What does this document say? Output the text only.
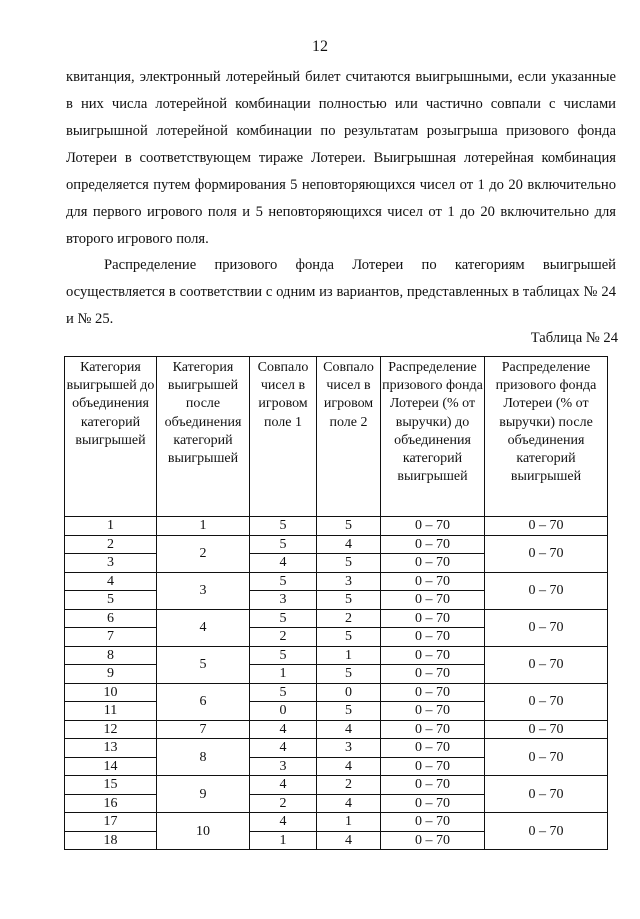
12

квитанция, электронный лотерейный билет считаются выигрышными, если указанные в них числа лотерейной комбинации полностью или частично совпали с числами выигрышной лотерейной комбинации по результатам розыгрыша призового фонда Лотереи в соответствующем тираже Лотереи. Выигрышная лотерейная комбинация определяется путем формирования 5 неповторяющихся чисел от 1 до 20 включительно для первого игрового поля и 5 неповторяющихся чисел от 1 до 20 включительно для второго игрового поля.

Распределение призового фонда Лотереи по категориям выигрышей осуществляется в соответствии с одним из вариантов, представленных в таблицах № 24 и № 25.

Таблица № 24
Категория выигрышей до объединения категорий выигрышей	Категория выигрышей после объединения категорий выигрышей	Совпало чисел в игровом поле 1	Совпало чисел в игровом поле 2	Распределение призового фонда Лотереи (% от выручки) до объединения категорий выигрышей	Распределение призового фонда Лотереи (% от выручки) после объединения категорий выигрышей
1	1	5	5	0 – 70	0 – 70
2	2	5	4	0 – 70	0 – 70
3		4	5	0 – 70	
4	3	5	3	0 – 70	0 – 70
5		3	5	0 – 70	
6	4	5	2	0 – 70	0 – 70
7		2	5	0 – 70	
8	5	5	1	0 – 70	0 – 70
9		1	5	0 – 70	
10	6	5	0	0 – 70	0 – 70
11		0	5	0 – 70	
12	7	4	4	0 – 70	0 – 70
13	8	4	3	0 – 70	0 – 70
14		3	4	0 – 70	
15	9	4	2	0 – 70	0 – 70
16		2	4	0 – 70	
17	10	4	1	0 – 70	0 – 70
18		1	4	0 – 70	
